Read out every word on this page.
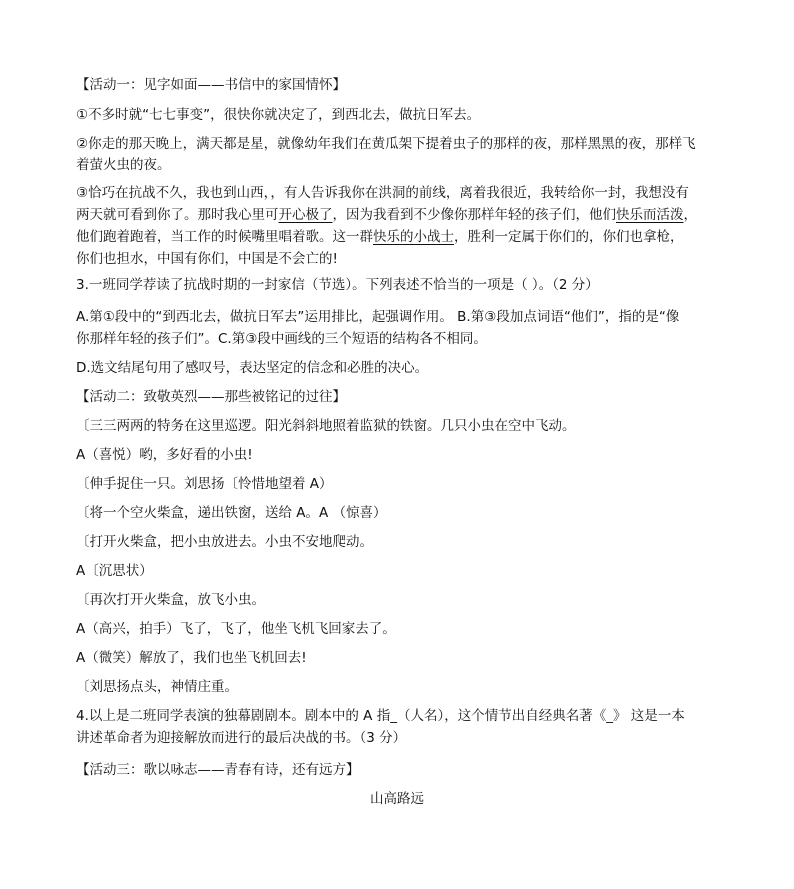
【活动一：见字如面——书信中的家国情怀】
①不多时就“七七事变”，很快你就决定了，到西北去，做抗日军去。
②你走的那天晚上，满天都是星，就像幼年我们在黄瓜架下提着虫子的那样的夜，那样黑黑的夜，那样飞
着萤火虫的夜。
③恰巧在抗战不久，我也到山西，，有人告诉我你在洪洞的前线，离着我很近，我转给你一封，我想没有
两天就可看到你了。那时我心里可开心极了，因为我看到不少像你那样年轻的孩子们，他们快乐而活泼，
他们跑着跑着，当工作的时候嘴里唱着歌。这一群快乐的小战士，胜利一定属于你们的，你们也拿枪，
你们也担水，中国有你们，中国是不会亡的!
3.一班同学荐读了抗战时期的一封家信（节选）。下列表述不恰当的一项是（ ）。（2 分）
A.第①段中的“到西北去，做抗日军去”运用排比，起强调作用。 B.第③段加点词语“他们”，指的是“像
你那样年轻的孩子们”。C.第③段中画线的三个短语的结构各不相同。
D.选文结尾句用了感叹号，表达坚定的信念和必胜的决心。
【活动二：致敬英烈——那些被铭记的过往】
〔三三两两的特务在这里巡逻。阳光斜斜地照着监狱的铁窗。几只小虫在空中飞动。
A（喜悦）哟，多好看的小虫!
〔伸手捉住一只。刘思扬〔怜惜地望着 A）
〔将一个空火柴盒，递出铁窗，送给 A。A （惊喜）
〔打开火柴盒，把小虫放进去。小虫不安地爬动。
A〔沉思状）
〔再次打开火柴盒，放飞小虫。
A（高兴，拍手）飞了，飞了，他坐飞机飞回家去了。
A（微笑）解放了，我们也坐飞机回去!
〔刘思扬点头，神情庄重。
4.以上是二班同学表演的独幕剧剧本。剧本中的 A 指_（人名），这个情节出自经典名著《_》 这是一本
讲述革命者为迎接解放而进行的最后决战的书。（3 分）
【活动三：歌以咏志——青春有诗，还有远方】
山高路远
